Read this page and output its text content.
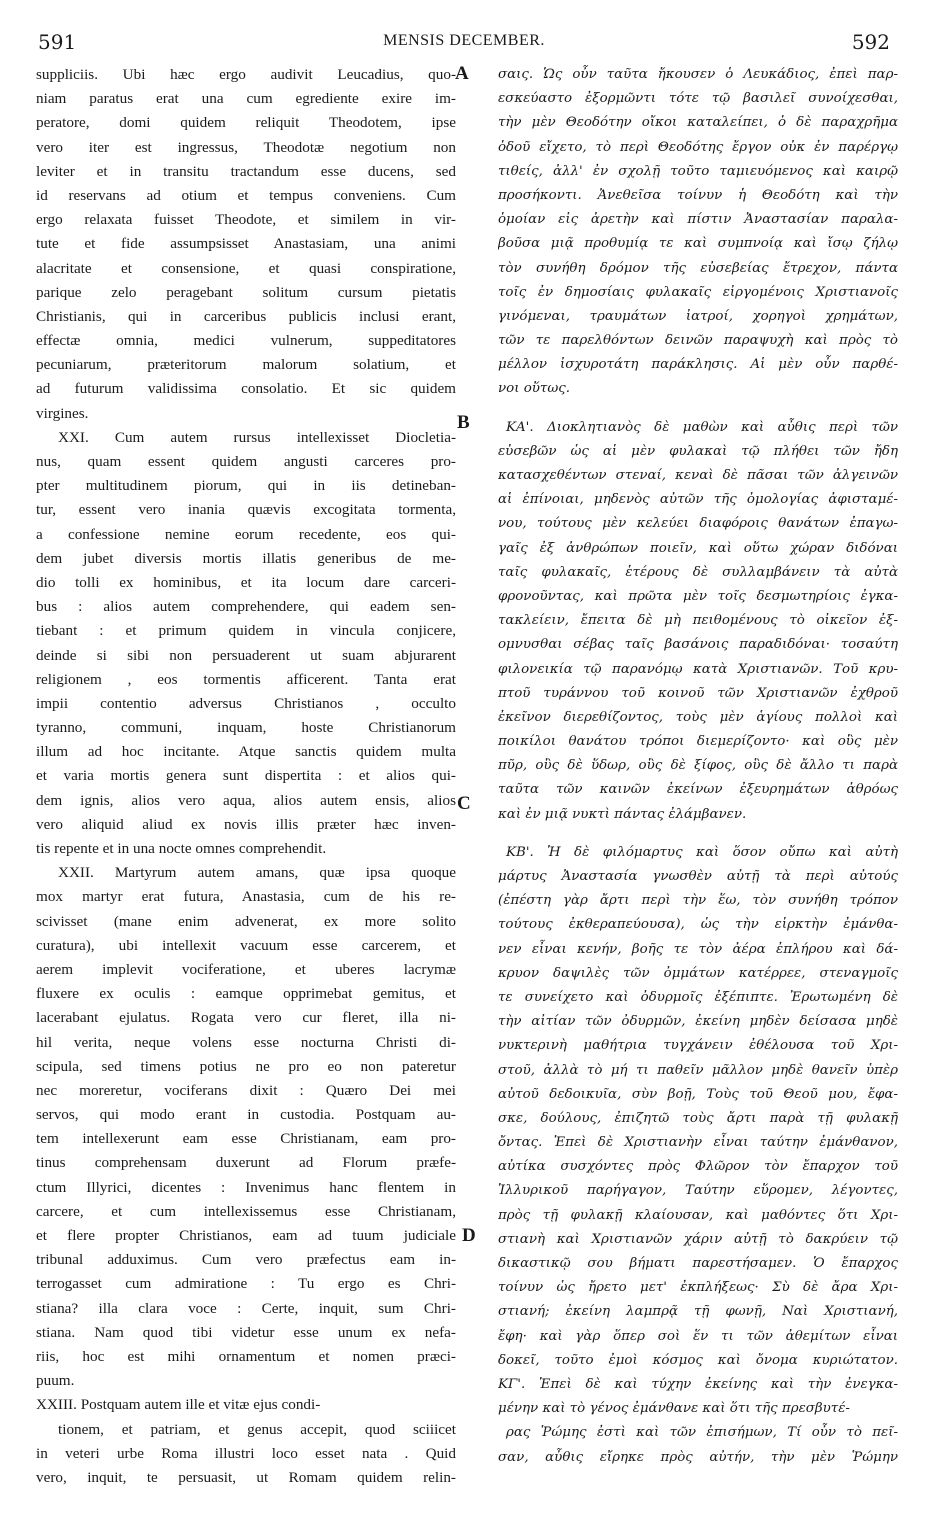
591	MENSIS DECEMBER.	592
suppliciis. Ubi hæc ergo audivit Leucadius, quo-
niam paratus erat una cum egrediente exire im-
peratore, domi quidem reliquit Theodotem, ipse
vero iter est ingressus, Theodotæ negotium non
leviter et in transitu tractandum esse ducens, sed
id reservans ad otium et tempus conveniens. Cum
ergo relaxata fuisset Theodote, et similem in vir-
tute et fide assumpsisset Anastasiam, una animi
alacritate et consensione, et quasi conspiratione,
parique zelo peragebant solitum cursum pietatis
Christianis, qui in carceribus publicis inclusi erant,
effectæ omnia, medici vulnerum, suppeditatores
pecuniarum, præteritorum malorum solatium, et
ad futurum validissima consolatio. Et sic quidem
virgines.
XXI. Cum autem rursus intellexisset Diocletia-
nus, quam essent quidem angusti carceres pro-
pter multitudinem piorum, qui in iis detineban-
tur, essent vero inania quævis excogitata tormenta,
a confessione nemine eorum recedente, eos qui-
dem jubet diversis mortis illatis generibus de me-
dio tolli ex hominibus, et ita locum dare carceri-
bus : alios autem comprehendere, qui eadem sen-
tiebant : et primum quidem in vincula conjicere,
deinde si sibi non persuaderent ut suam abjurarent
religionem , eos tormentis afficerent. Tanta erat
impii contentio adversus Christianos , occulto
tyranno, communi, inquam, hoste Christianorum
illum ad hoc incitante. Atque sanctis quidem multa
et varia mortis genera sunt dispertita : et alios qui-
dem ignis, alios vero aqua, alios autem ensis, alios
vero aliquid aliud ex novis illis præter hæc inven-
tis repente et in una nocte omnes comprehendit.
XXII. Martyrum autem amans, quæ ipsa quoque
mox martyr erat futura, Anastasia, cum de his re-
scivisset (mane enim advenerat, ex more solito
curatura), ubi intellexit vacuum esse carcerem, et
aerem implevit vociferatione, et uberes lacrymæ
fluxere ex oculis : eamque opprimebat gemitus, et
lacerabant ejulatus. Rogata vero cur fleret, illa ni-
hil verita, neque volens esse nocturna Christi di-
scipula, sed timens potius ne pro eo non pateretur
nec moreretur, vociferans dixit : Quæro Dei mei
servos, qui modo erant in custodia. Postquam au-
tem intellexerunt eam esse Christianam, eam pro-
tinus comprehensam duxerunt ad Florum præfe-
ctum Illyrici, dicentes : Invenimus hanc flentem in
carcere, et cum intellexissemus esse Christianam,
et flere propter Christianos, eam ad tuum judiciale
tribunal adduximus. Cum vero præfectus eam in-
terrogasset cum admiratione : Tu ergo es Chri-
stiana? illa clara voce : Certe, inquit, sum Chri-
stiana. Nam quod tibi videtur esse unum ex nefa-
riis, hoc est mihi ornamentum et nomen præci-
puum.
XXIII. Postquam autem ille et vitæ ejus condi-
tionem, et patriam, et genus accepit, quod sciiicet
in veteri urbe Roma illustri loco esset nata . Quid
vero, inquit, te persuasit, ut Romam quidem relin-
σαις. Ὡς οὖν ταῦτα ἤκουσεν ὁ Λευκάδιος, ἐπεὶ παρ-
εσκεύαστο ἐξορμῶντι τότε τῷ βασιλεῖ συνοίχεσθαι,
τὴν μὲν Θεοδότην οἴκοι καταλείπει, ὁ δὲ παραχρῆμα
ὁδοῦ εἴχετο, τὸ περὶ Θεοδότης ἔργον οὐκ ἐν παρέργῳ
τιθείς, ἀλλ' ἐν σχολῇ τοῦτο ταμιευόμενος καὶ καιρῷ
προσήκοντι. Ἀνεθεῖσα τοίνυν ἡ Θεοδότη καὶ τὴν
ὁμοίαν εἰς ἀρετὴν καὶ πίστιν Ἀναστασίαν παραλα-
βοῦσα μιᾷ προθυμίᾳ τε καὶ συμπνοίᾳ καὶ ἴσῳ ζήλῳ
τὸν συνήθη δρόμον τῆς εὐσεβείας ἔτρεχον, πάντα
τοῖς ἐν δημοσίαις φυλακαῖς εἰργομένοις Χριστιανοῖς
γινόμεναι, τραυμάτων ἰατροί, χορηγοὶ χρημάτων,
τῶν τε παρελθόντων δεινῶν παραψυχὴ καὶ πρὸς τὸ
μέλλον ἰσχυροτάτη παράκλησις. Αἱ μὲν οὖν παρθέ-
νοι οὕτως.
ΚΑ'. Διοκλητιανὸς δὲ μαθὼν καὶ αὖθις περὶ τῶν
εὐσεβῶν ὡς αἱ μὲν φυλακαὶ τῷ πλήθει τῶν ἤδη
κατασχεθέντων στεναί, κεναὶ δὲ πᾶσαι τῶν ἀλγεινῶν
αἱ ἐπίνοιαι, μηδενὸς αὐτῶν τῆς ὁμολογίας ἀφισταμέ-
νου, τούτους μὲν κελεύει διαφόροις θανάτων ἐπαγω-
γαῖς ἐξ ἀνθρώπων ποιεῖν, καὶ οὕτω χώραν διδόναι
ταῖς φυλακαῖς, ἑτέρους δὲ συλλαμβάνειν τὰ αὐτὰ
φρονοῦντας, καὶ πρῶτα μὲν τοῖς δεσμωτηρίοις ἐγκα-
τακλείειν, ἔπειτα δὲ μὴ πειθομένους τὸ οἰκεῖον ἐξ-
ομνυσθαι σέβας ταῖς βασάνοις παραδιδόναι· τοσαύτη
φιλονεικία τῷ παρανόμῳ κατὰ Χριστιανῶν. Τοῦ κρυ-
πτοῦ τυράννου τοῦ κοινοῦ τῶν Χριστιανῶν ἐχθροῦ
ἐκεῖνον διερεθίζοντος, τοὺς μὲν ἁγίους πολλοὶ καὶ
ποικίλοι θανάτου τρόποι διεμερίζοντο· καὶ οὓς μὲν
πῦρ, οὓς δὲ ὕδωρ, οὓς δὲ ξίφος, οὓς δὲ ἄλλο τι παρὰ
ταῦτα τῶν καινῶν ἐκείνων ἐξευρημάτων ἀθρόως
καὶ ἐν μιᾷ νυκτὶ πάντας ἐλάμβανεν.
ΚΒ'. Ἡ δὲ φιλόμαρτυς καὶ ὅσον οὔπω καὶ αὐτὴ
μάρτυς Ἀναστασία γνωσθὲν αὐτῇ τὰ περὶ αὐτούς
(ἐπέστη γὰρ ἄρτι περὶ τὴν ἕω, τὸν συνήθη τρόπον
τούτους ἐκθεραπεύουσα), ὡς τὴν εἱρκτὴν ἐμάνθα-
νεν εἶναι κενήν, βοῆς τε τὸν ἀέρα ἐπλήρου καὶ δά-
κρυον δαψιλὲς τῶν ὀμμάτων κατέρρεε, στεναγμοῖς
τε συνείχετο καὶ ὀδυρμοῖς ἐξέπιπτε. Ἐρωτωμένη δὲ
τὴν αἰτίαν τῶν ὀδυρμῶν, ἐκείνη μηδὲν δείσασα μηδὲ
νυκτερινὴ μαθήτρια τυγχάνειν ἐθέλουσα τοῦ Χρι-
στοῦ, ἀλλὰ τὸ μή τι παθεῖν μᾶλλον μηδὲ θανεῖν ὑπὲρ
αὐτοῦ δεδοικυῖα, σὺν βοῇ, Τοὺς τοῦ Θεοῦ μου, ἔφα-
σκε, δούλους, ἐπιζητῶ τοὺς ἄρτι παρὰ τῇ φυλακῇ
ὄντας. Ἐπεὶ δὲ Χριστιανὴν εἶναι ταύτην ἐμάνθανον,
αὐτίκα συσχόντες πρὸς Φλῶρον τὸν ἔπαρχον τοῦ
Ἰλλυρικοῦ παρήγαγον, Ταύτην εὕρομεν, λέγοντες,
πρὸς τῇ φυλακῇ κλαίουσαν, καὶ μαθόντες ὅτι Χρι-
στιανὴ καὶ Χριστιανῶν χάριν αὐτῇ τὸ δακρύειν τῷ
δικαστικῷ σου βήματι παρεστήσαμεν. Ὁ ἔπαρχος
τοίνυν ὡς ἤρετο μετ' ἐκπλήξεως· Σὺ δὲ ἄρα Χρι-
στιανή; ἐκείνη λαμπρᾷ τῇ φωνῇ, Ναὶ Χριστιανή,
ἔφη· καὶ γὰρ ὅπερ σοὶ ἕν τι τῶν ἀθεμίτων εἶναι
δοκεῖ, τοῦτο ἐμοὶ κόσμος καὶ ὄνομα κυριώτατον.
ΚΓ'. Ἐπεὶ δὲ καὶ τύχην ἐκείνης καὶ τὴν ἐνεγκα-
μένην καὶ τὸ γένος ἐμάνθανε καὶ ὅτι τῆς πρεσβυτέ-
ρας Ῥώμης ἐστὶ καὶ τῶν ἐπισήμων, Τί οὖν τὸ πεῖ-
σαν, αὖθις εἴρηκε πρὸς αὐτήν, τὴν μὲν Ῥώμην
A
B
C
D
